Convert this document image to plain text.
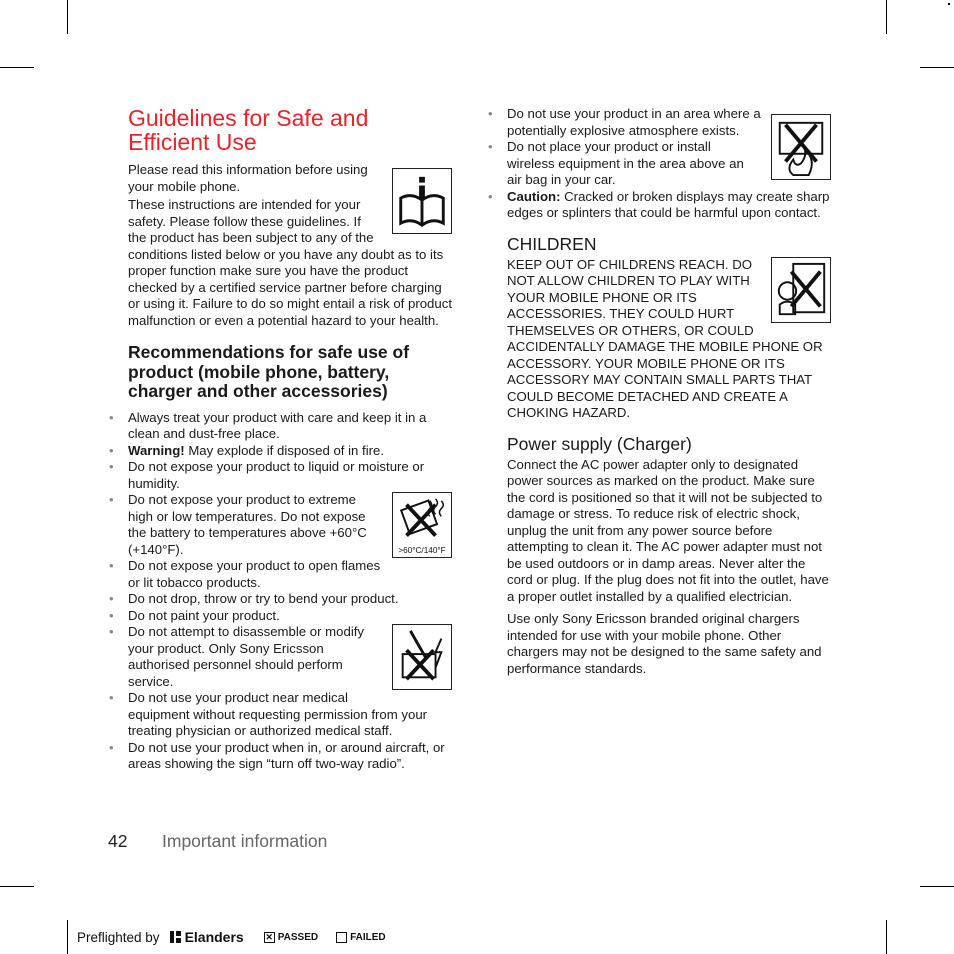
Guidelines for Safe and Efficient Use

Please read this information before using your mobile phone.

These instructions are intended for your safety. Please follow these guidelines. If the product has been subject to any of the conditions listed below or you have any doubt as to its proper function make sure you have the product checked by a certified service partner before charging or using it. Failure to do so might entail a risk of product malfunction or even a potential hazard to your health.

Recommendations for safe use of product (mobile phone, battery, charger and other accessories)
• Always treat your product with care and keep it in a clean and dust-free place.
• Warning! May explode if disposed of in fire.
• Do not expose your product to liquid or moisture or humidity.
• >60°C/140°F
Do not expose your product to extreme high or low temperatures. Do not expose the battery to temperatures above +60°C (+140°F).
• Do not expose your product to open flames or lit tobacco products.
• Do not drop, throw or try to bend your product.
• Do not paint your product.
• Do not attempt to disassemble or modify your product. Only Sony Ericsson authorised personnel should perform service.
• Do not use your product near medical equipment without requesting permission from your treating physician or authorized medical staff.
• Do not use your product when in, or around aircraft, or areas showing the sign “turn off two-way radio”.
• Do not use your product in an area where a potentially explosive atmosphere exists.
• Do not place your product or install wireless equipment in the area above an air bag in your car.
• Caution: Cracked or broken displays may create sharp edges or splinters that could be harmful upon contact.
CHILDREN

KEEP OUT OF CHILDRENS REACH. DO NOT ALLOW CHILDREN TO PLAY WITH YOUR MOBILE PHONE OR ITS ACCESSORIES. THEY COULD HURT THEMSELVES OR OTHERS, OR COULD ACCIDENTALLY DAMAGE THE MOBILE PHONE OR ACCESSORY. YOUR MOBILE PHONE OR ITS ACCESSORY MAY CONTAIN SMALL PARTS THAT COULD BECOME DETACHED AND CREATE A CHOKING HAZARD.

Power supply (Charger)

Connect the AC power adapter only to designated power sources as marked on the product. Make sure the cord is positioned so that it will not be subjected to damage or stress. To reduce risk of electric shock, unplug the unit from any power source before attempting to clean it. The AC power adapter must not be used outdoors or in damp areas. Never alter the cord or plug. If the plug does not fit into the outlet, have a proper outlet installed by a qualified electrician.

Use only Sony Ericsson branded original chargers intended for use with your mobile phone. Other chargers may not be designed to the same safety and performance standards.

42 Important information
Preflighted by Elanders ✕ PASSED	FAILED
